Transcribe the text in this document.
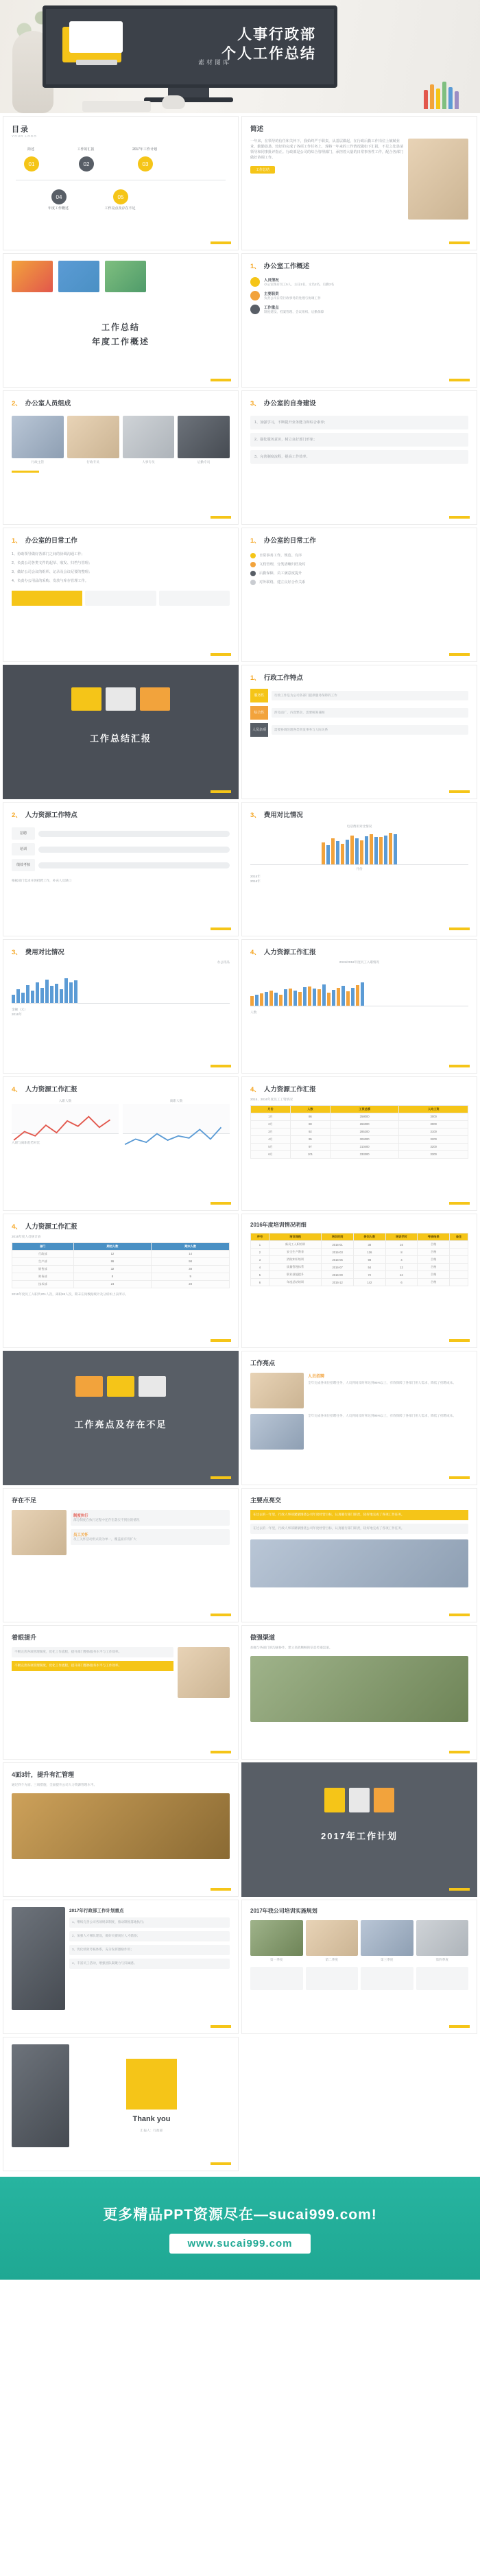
人事行政部
个人工作总结
素材图库
目录
YOUR LOGO
01
简述
02
工作的汇报
03
2017年工作计划
04
年度工作概述
05
工作亮点及存在不足
简述
一年来，在领导的信任和关怀下，我始终严于职责，从基层做起，在行政后勤工作岗位上兢兢业业，勤勤恳恳，较好的完成了各项工作任务上，现将一年来的工作情况做如下汇报，不足之处恳请领导和同事批评指正。行政部是公司的综合管理部门，承担着大量的日常事务性工作，配合各部门做好协调工作。
工作总结
工作总结
年度工作概述
1、 办公室工作概述
人员情况
办公室现有员工5人，主任1名，文员2名，后勤2名
主要职责
负责公司日常行政事务的处理与协调工作
工作重点
制度建设、档案管理、会议组织、后勤保障
2、 办公室人员组成
行政主管	行政专员	人事专员	后勤专员
3、 办公室的自身建设
1、加强学习，不断提升业务能力和综合素养；
2、强化服务意识，树立良好部门形象；
3、完善制度流程，提高工作效率。
1、 办公室的日常工作
1、协助领导做好各部门之间的协调沟通工作；
2、负责公司各类文件的起草、收发、归档与管理；
3、做好公司会议的组织、记录及会议纪要的整理；
4、负责办公用品的采购、发放与库存管理工作。
1、 办公室的日常工作
日常事务工作，规范、有序
文档管理，分类清晰归档及时
后勤保障，员工满意度提升
对外联络，建立良好合作关系
工作总结汇报
1、 行政工作特点
服务性	行政工作是为公司各部门提供服务保障的工作
综合性	涉及面广，内容繁杂，需要统筹兼顾
人员杂项	需要协调处理各类突发事务与人际关系
2、 人力资源工作特点
招聘
培训
绩效考核
根据部门需求开展招聘工作，补充人员缺口
3、 费用对比情况
电话费用对比情况
月份
2015年
2016年
3、 费用对比情况
办公用品
金额（元）
2016年
4、 人力资源工作汇报
2015/2016年度员工入职情况
人数
4、 人力资源工作汇报
入职人数	离职人数
入职与离职趋势对比
4、 人力资源工作汇报
2015、2016年度员工工资情况
月份	人数	工资总额	人均工资
1月	86	258000	3000
2月	88	264000	3000
3月	92	285200	3100
4月	95	304000	3200
5月	97	310400	3200
6月	101	333300	3300
4、 人力资源工作汇报
2016年度人员统计表
部门	期初人数	期末人数
行政部	12	14
生产部	86	98
销售部	32	38
财务部	8	9
技术部	24	28
2016年度员工入职共201人次，离职86人次，期末在岗数据统计及分析如上表所示。
2016年度培训情况明细
序号	培训课程	培训时间	参训人数	培训学时	考核结果	备注
1	新员工入职培训	2016-01	38	16	合格	
2	安全生产教育	2016-03	126	8	合格	
3	消防知识培训	2016-05	98	4	合格	
4	质量管理体系	2016-07	54	12	合格	
5	职业技能提升	2016-09	72	24	合格	
6	年度总结培训	2016-12	142	6	合格	
工作亮点及存在不足
工作亮点
人员招聘
全年完成各岗位招聘任务，人员到岗及时率达到95%以上，有效保障了各部门用人需求，降低了招聘成本。
全年完成各岗位招聘任务，人员到岗及时率达到95%以上，有效保障了各部门用人需求，降低了招聘成本。
存在不足
制度执行
部分制度在执行过程中还存在落实不到位的情况
员工关怀
员工关怀活动形式较为单一，覆盖面有待扩大
主要点亮交
在过去的一年里，行政人事部紧紧围绕公司年度经营目标，认真履行部门职责，较好地完成了各项工作任务。
在过去的一年里，行政人事部紧紧围绕公司年度经营目标，认真履行部门职责，较好地完成了各项工作任务。
着眼提升
不断完善各项管理制度，优化工作流程，提升部门整体服务水平与工作效率。
不断完善各项管理制度，优化工作流程，提升部门整体服务水平与工作效率。
做强渠道
加强与各部门的沟通协作，建立高效顺畅的信息传递渠道。
4面3针，提升有汇管理
通过四个方面、三项措施，全面提升公司人力资源管理水平。
2017年工作计划
2017年行政部工作计划重点
1、继续完善公司各项规章制度，推动制度落地执行；
2、加强人才梯队建设，做好关键岗位人才储备；
3、优化绩效考核体系，充分发挥激励作用；
4、丰富员工活动，增强团队凝聚力与归属感。
2017年我公司培训实施规划
第一季度	第二季度	第三季度	第四季度
Thank you
汇报人：行政部
更多精品PPT资源尽在—sucai999.com!
www.sucai999.com
